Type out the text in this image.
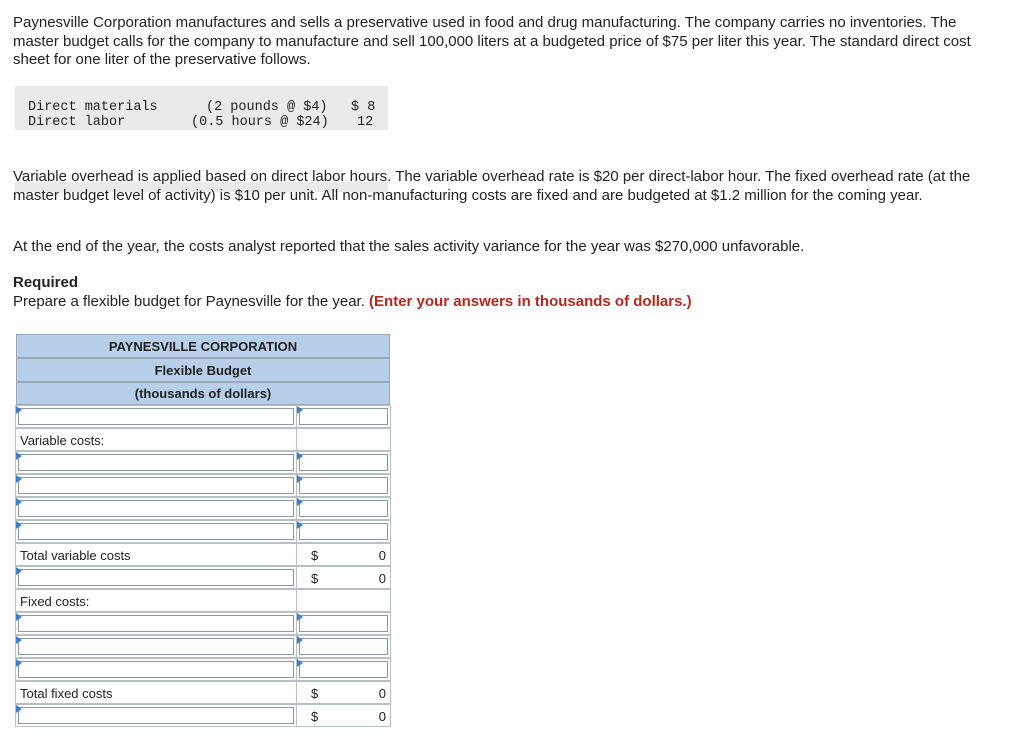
Paynesville Corporation manufactures and sells a preservative used in food and drug manufacturing. The company carries no inventories. The master budget calls for the company to manufacture and sell 100,000 liters at a budgeted price of $75 per liter this year. The standard direct cost sheet for one liter of the preservative follows.

Direct materials	(2 pounds @ $4) $ 8
Direct labor	(0.5 hours @ $24) 12

Variable overhead is applied based on direct labor hours. The variable overhead rate is $20 per direct-labor hour. The fixed overhead rate (at the master budget level of activity) is $10 per unit. All non-manufacturing costs are fixed and are budgeted at $1.2 million for the coming year.

At the end of the year, the costs analyst reported that the sales activity variance for the year was $270,000 unfavorable.

Required
Prepare a flexible budget for Paynesville for the year. (Enter your answers in thousands of dollars.)
PAYNESVILLE CORPORATION
Flexible Budget
(thousands of dollars)
Variable costs:
Total variable costs	$	0
$	0
Fixed costs:
Total fixed costs	$	0
$	0
